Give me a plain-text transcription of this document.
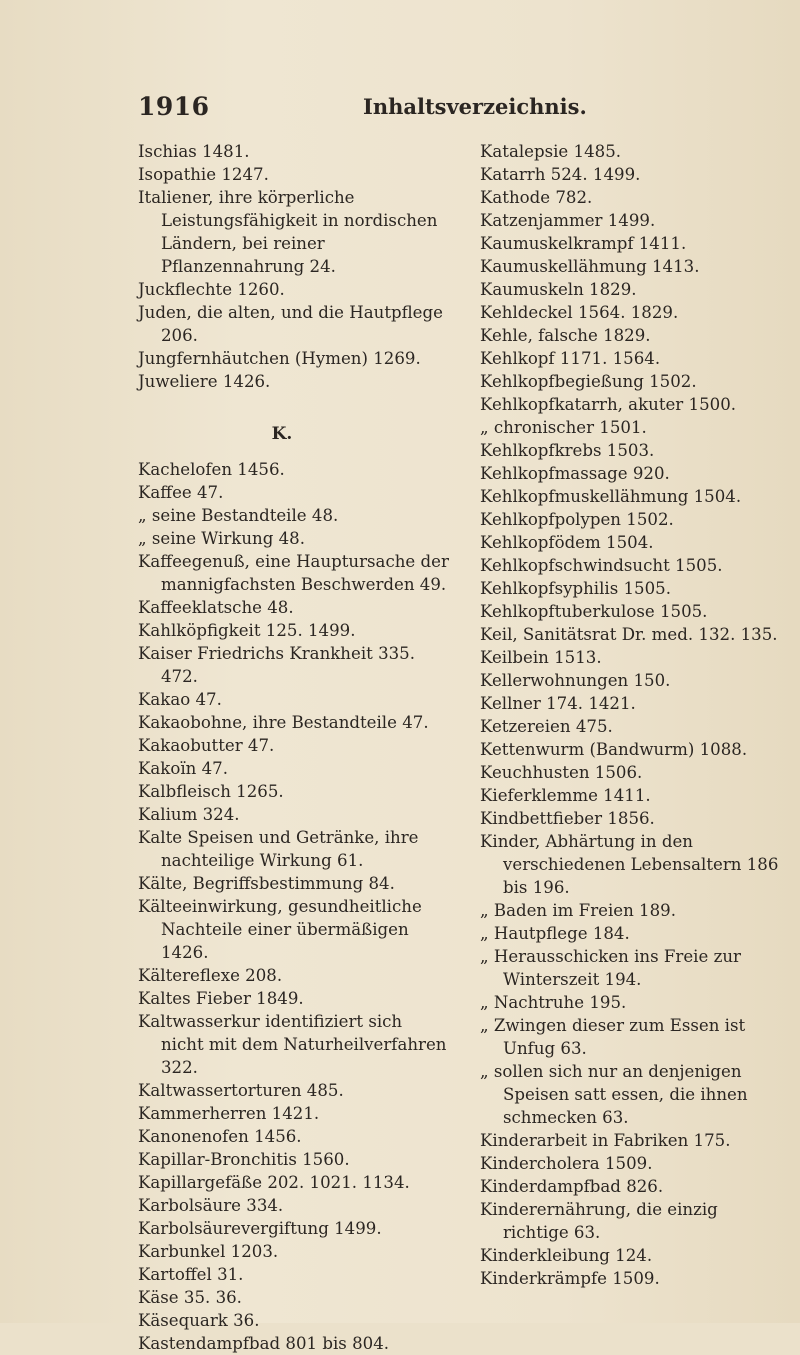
1916	Inhaltsverzeichnis.

Ischias 1481.

Isopathie 1247.

Italiener, ihre körperliche Leistungsfähigkeit in nordischen Ländern, bei reiner Pflanzennahrung 24.

Juckflechte 1260.

Juden, die alten, und die Hautpflege 206.

Jungfernhäutchen (Hymen) 1269.

Juweliere 1426.

K.

Kachelofen 1456.

Kaffee 47.

„ seine Bestandteile 48.

„ seine Wirkung 48.

Kaffeegenuß, eine Hauptursache der mannigfachsten Beschwerden 49.

Kaffeeklatsche 48.

Kahlköpfigkeit 125. 1499.

Kaiser Friedrichs Krankheit 335. 472.

Kakao 47.

Kakaobohne, ihre Bestandteile 47.

Kakaobutter 47.

Kakoïn 47.

Kalbfleisch 1265.

Kalium 324.

Kalte Speisen und Getränke, ihre nachteilige Wirkung 61.

Kälte, Begriffsbestimmung 84.

Kälteeinwirkung, gesundheitliche Nachteile einer übermäßigen 1426.

Kältereflexe 208.

Kaltes Fieber 1849.

Kaltwasserkur identifiziert sich nicht mit dem Naturheilverfahren 322.

Kaltwassertorturen 485.

Kammerherren 1421.

Kanonenofen 1456.

Kapillar-Bronchitis 1560.

Kapillargefäße 202. 1021. 1134.

Karbolsäure 334.

Karbolsäurevergiftung 1499.

Karbunkel 1203.

Kartoffel 31.

Käse 35. 36.

Käsequark 36.

Kastendampfbad 801 bis 804.

Katalepsie 1485.

Katarrh 524. 1499.

Kathode 782.

Katzenjammer 1499.

Kaumuskelkrampf 1411.

Kaumuskellähmung 1413.

Kaumuskeln 1829.

Kehldeckel 1564. 1829.

Kehle, falsche 1829.

Kehlkopf 1171. 1564.

Kehlkopfbegießung 1502.

Kehlkopfkatarrh, akuter 1500.

„ chronischer 1501.

Kehlkopfkrebs 1503.

Kehlkopfmassage 920.

Kehlkopfmuskellähmung 1504.

Kehlkopfpolypen 1502.

Kehlkopfödem 1504.

Kehlkopfschwindsucht 1505.

Kehlkopfsyphilis 1505.

Kehlkopftuberkulose 1505.

Keil, Sanitätsrat Dr. med. 132. 135.

Keilbein 1513.

Kellerwohnungen 150.

Kellner 174. 1421.

Ketzereien 475.

Kettenwurm (Bandwurm) 1088.

Keuchhusten 1506.

Kieferklemme 1411.

Kindbettfieber 1856.

Kinder, Abhärtung in den verschiedenen Lebensaltern 186 bis 196.

„ Baden im Freien 189.

„ Hautpflege 184.

„ Herausschicken ins Freie zur Winterszeit 194.

„ Nachtruhe 195.

„ Zwingen dieser zum Essen ist Unfug 63.

„ sollen sich nur an denjenigen Speisen satt essen, die ihnen schmecken 63.

Kinderarbeit in Fabriken 175.

Kindercholera 1509.

Kinderdampfbad 826.

Kinderernährung, die einzig richtige 63.

Kinderkleibung 124.

Kinderkrämpfe 1509.
